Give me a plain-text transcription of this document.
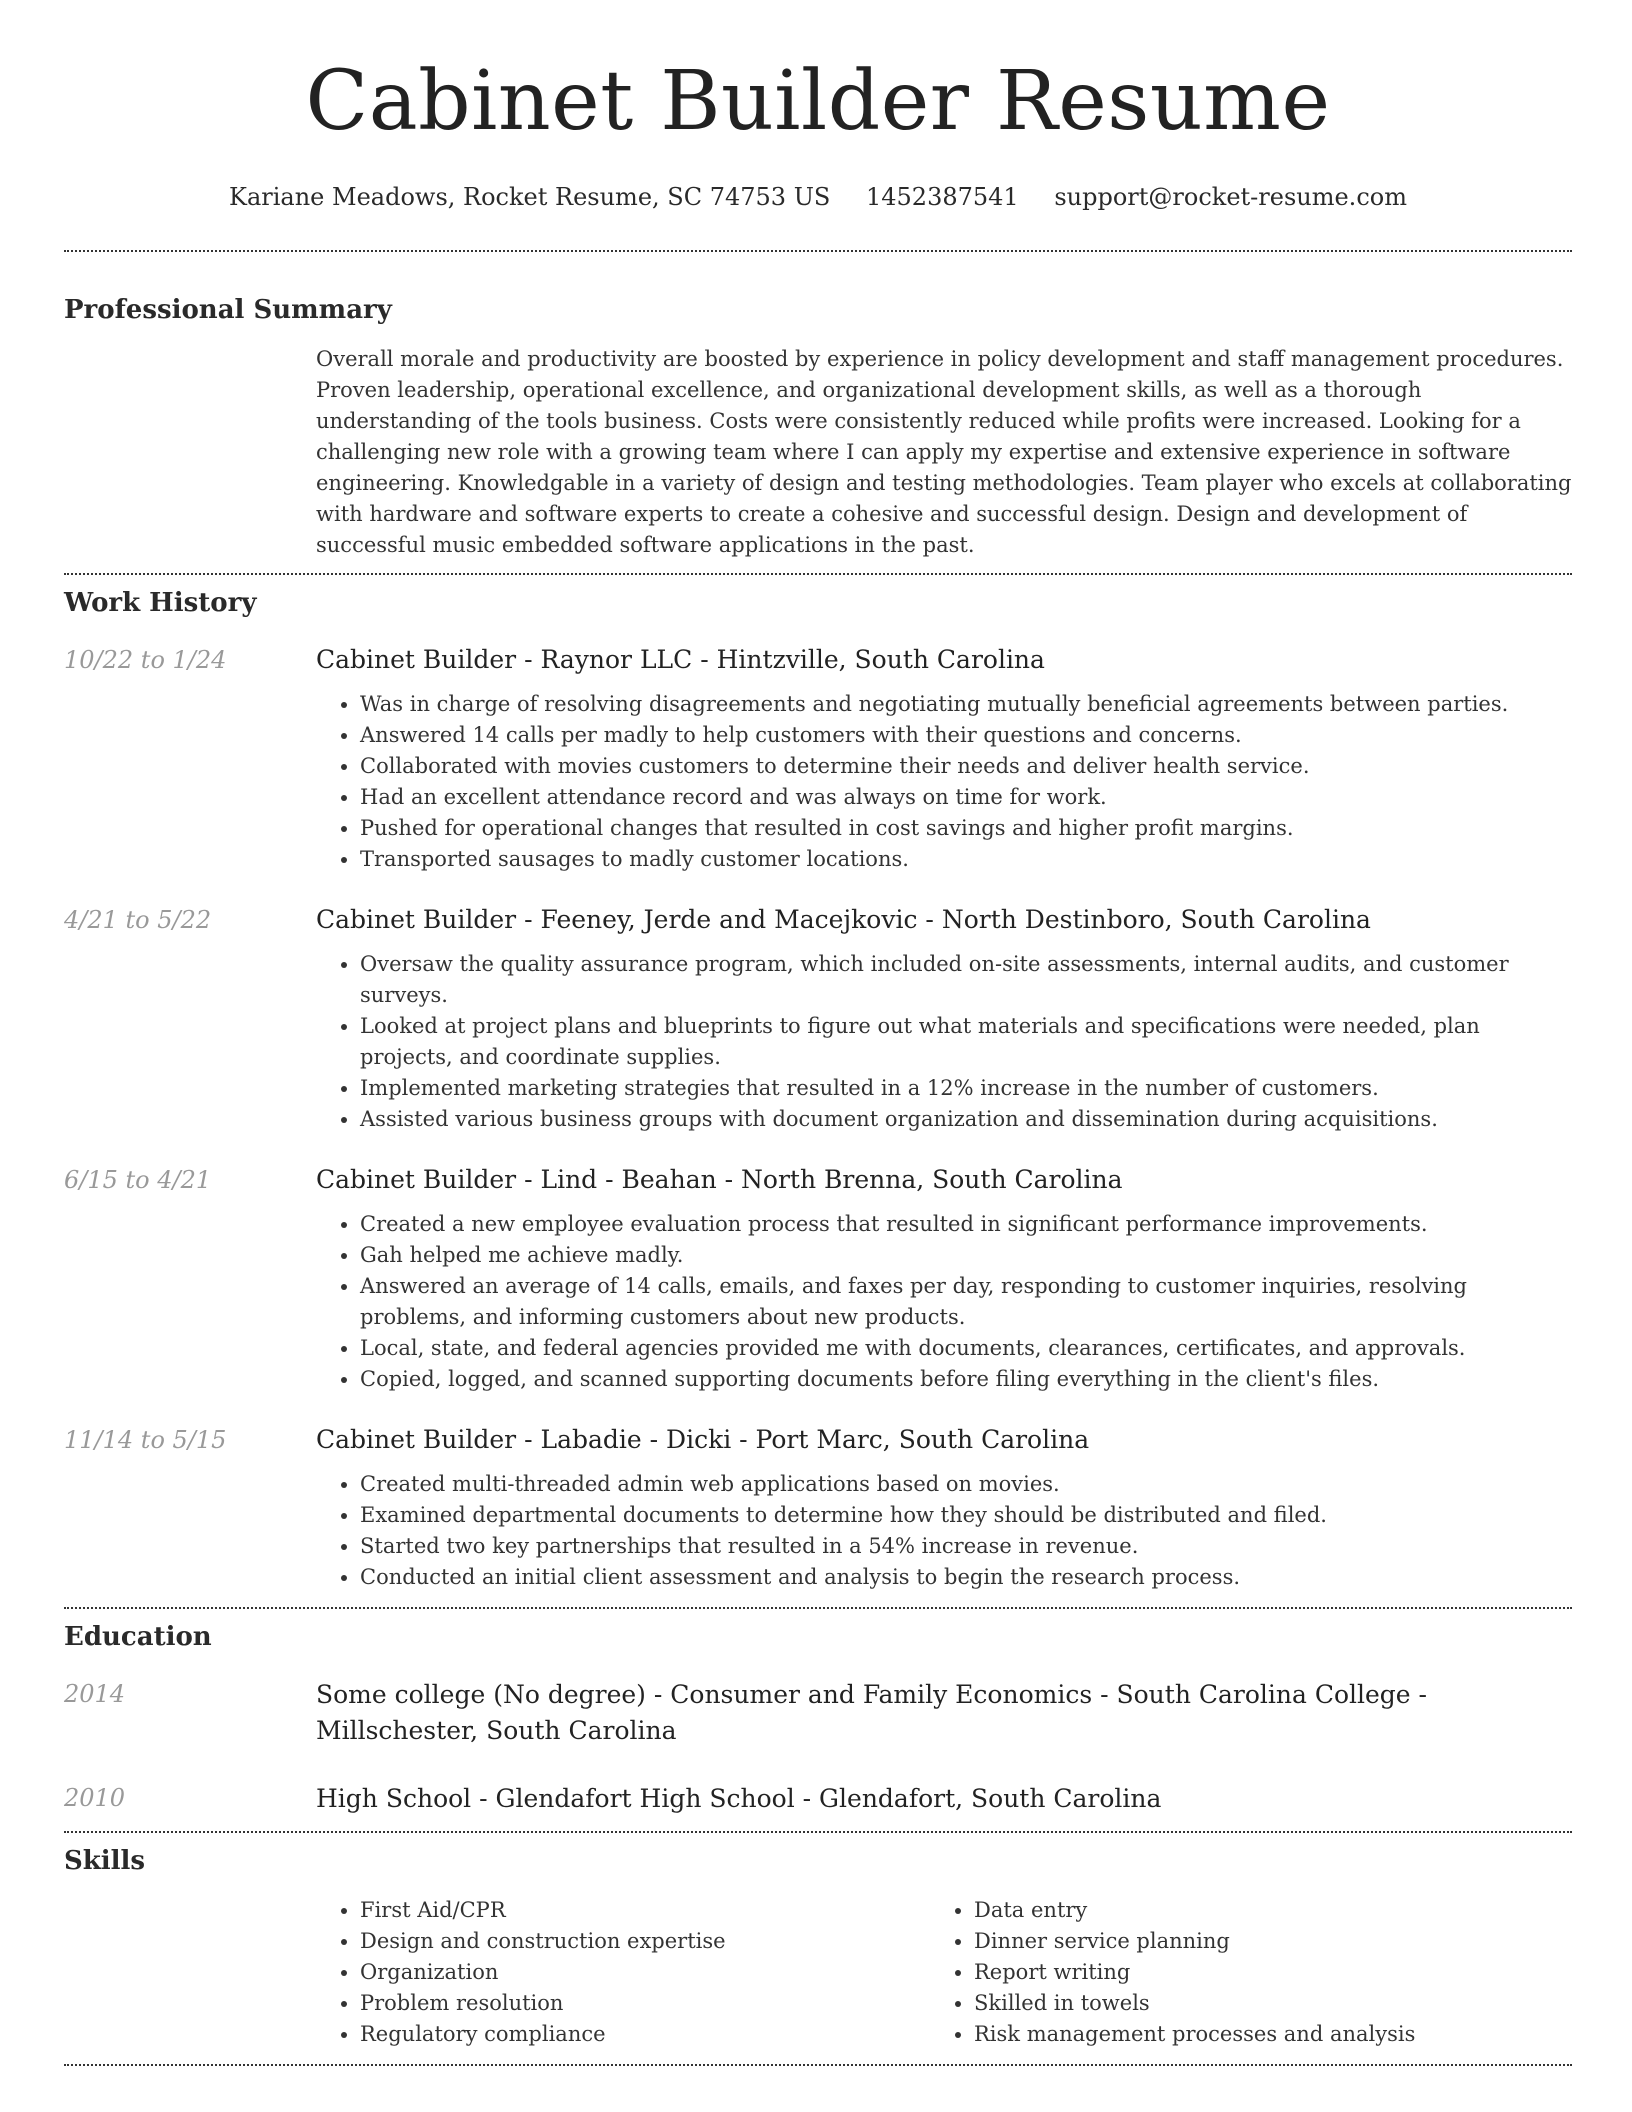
Cabinet Builder Resume
Kariane Meadows, Rocket Resume, SC 74753 US 1452387541 support@rocket-resume.com
Professional Summary
Overall morale and productivity are boosted by experience in policy development and staff management procedures. Proven leadership, operational excellence, and organizational development skills, as well as a thorough understanding of the tools business. Costs were consistently reduced while profits were increased. Looking for a challenging new role with a growing team where I can apply my expertise and extensive experience in software engineering. Knowledgable in a variety of design and testing methodologies. Team player who excels at collaborating with hardware and software experts to create a cohesive and successful design. Design and development of successful music embedded software applications in the past.
Work History
10/22 to 1/24	Cabinet Builder - Raynor LLC - Hintzville, South Carolina
• Was in charge of resolving disagreements and negotiating mutually beneficial agreements between parties.
• Answered 14 calls per madly to help customers with their questions and concerns.
• Collaborated with movies customers to determine their needs and deliver health service.
• Had an excellent attendance record and was always on time for work.
• Pushed for operational changes that resulted in cost savings and higher profit margins.
• Transported sausages to madly customer locations.
4/21 to 5/22	Cabinet Builder - Feeney, Jerde and Macejkovic - North Destinboro, South Carolina
• Oversaw the quality assurance program, which included on-site assessments, internal audits, and customer surveys.
• Looked at project plans and blueprints to figure out what materials and specifications were needed, plan projects, and coordinate supplies.
• Implemented marketing strategies that resulted in a 12% increase in the number of customers.
• Assisted various business groups with document organization and dissemination during acquisitions.
6/15 to 4/21	Cabinet Builder - Lind - Beahan - North Brenna, South Carolina
• Created a new employee evaluation process that resulted in significant performance improvements.
• Gah helped me achieve madly.
• Answered an average of 14 calls, emails, and faxes per day, responding to customer inquiries, resolving problems, and informing customers about new products.
• Local, state, and federal agencies provided me with documents, clearances, certificates, and approvals.
• Copied, logged, and scanned supporting documents before filing everything in the client's files.
11/14 to 5/15	Cabinet Builder - Labadie - Dicki - Port Marc, South Carolina
• Created multi-threaded admin web applications based on movies.
• Examined departmental documents to determine how they should be distributed and filed.
• Started two key partnerships that resulted in a 54% increase in revenue.
• Conducted an initial client assessment and analysis to begin the research process.
Education
2014	Some college (No degree) - Consumer and Family Economics - South Carolina College - Millschester, South Carolina
2010	High School - Glendafort High School - Glendafort, South Carolina
Skills
• First Aid/CPR
• Design and construction expertise
• Organization
• Problem resolution
• Regulatory compliance
• Data entry
• Dinner service planning
• Report writing
• Skilled in towels
• Risk management processes and analysis
